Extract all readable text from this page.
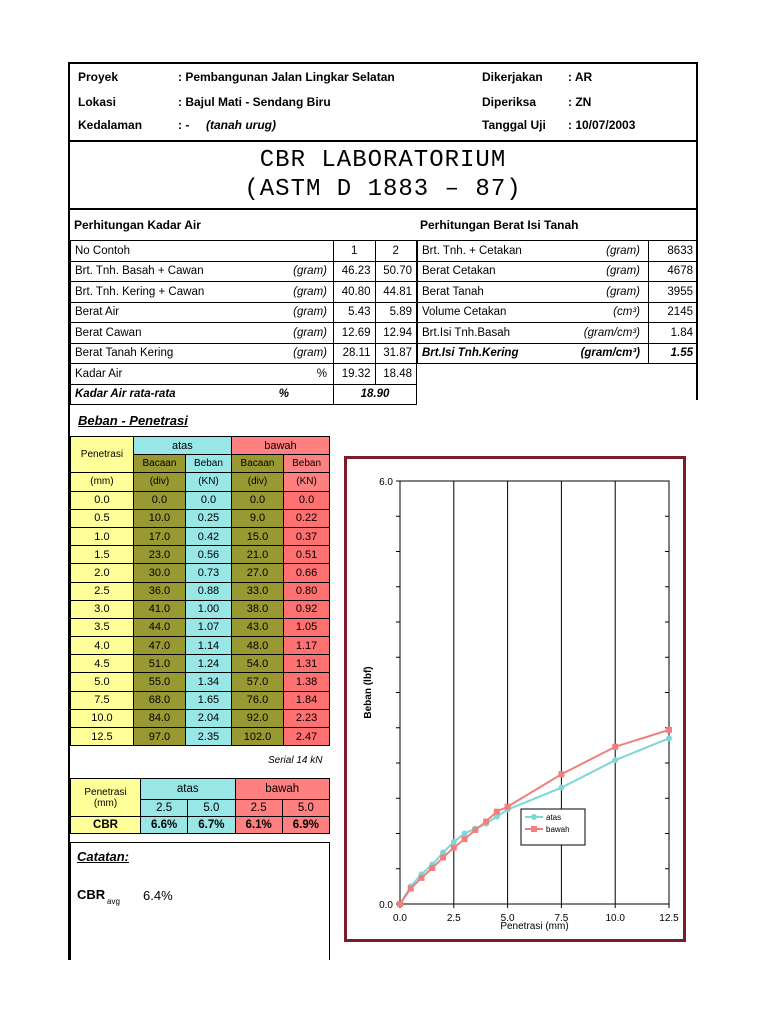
Proyek	: Pembangunan Jalan Lingkar Selatan
Lokasi	: Bajul Mati - Sendang Biru
Kedalaman	: - (tanah urug)
Dikerjakan : AR
Diperiksa	: ZN
Tanggal Uji : 10/07/2003
CBR LABORATORIUM
(ASTM D 1883 – 87)
Perhitungan Kadar Air
No Contoh	1	2
Brt. Tnh. Basah + Cawan (gram)	46.23	50.70
Brt. Tnh. Kering + Cawan (gram)	40.80	44.81
Berat Air (gram)	5.43	5.89
Berat Cawan (gram)	12.69	12.94
Berat Tanah Kering (gram)	28.11	31.87
Kadar Air %	19.32	18.48
Kadar Air rata-rata %	18.90	
Perhitungan Berat Isi Tanah
Brt. Tnh. + Cetakan (gram)	8633
Berat Cetakan (gram)	4678
Berat Tanah (gram)	3955
Volume Cetakan (cm³)	2145
Brt.Isi Tnh.Basah (gram/cm³)	1.84
Brt.Isi Tnh.Kering (gram/cm³)	1.55
Beban - Penetrasi
Penetrasi	atas		bawah	
	Bacaan	Beban	Bacaan	Beban
(mm)	(div)	(KN)	(div)	(KN)
0.0	0.0	0.0	0.0	0.0
0.5	10.0	0.25	9.0	0.22
1.0	17.0	0.42	15.0	0.37
1.5	23.0	0.56	21.0	0.51
2.0	30.0	0.73	27.0	0.66
2.5	36.0	0.88	33.0	0.80
3.0	41.0	1.00	38.0	0.92
3.5	44.0	1.07	43.0	1.05
4.0	47.0	1.14	48.0	1.17
4.5	51.0	1.24	54.0	1.31
5.0	55.0	1.34	57.0	1.38
7.5	68.0	1.65	76.0	1.84
10.0	84.0	2.04	92.0	2.23
12.5	97.0	2.35	102.0	2.47
Serial 14 kN
Penetrasi
(mm)	atas		bawah	
	2.5	5.0	2.5	5.0
CBR	6.6%	6.7%	6.1%	6.9%
Catatan:
CBR avg 6.4%
0.0	2.5	5.0	7.5	10.0	12.5
0.0
6.0
Penetrasi (mm)
Beban (lbf)
atas
bawah
